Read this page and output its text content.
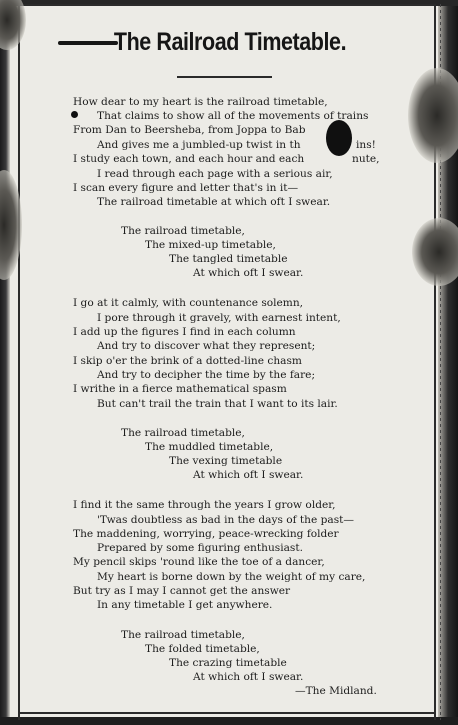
The Railroad Timetable.
How dear to my heart is the railroad timetable,
That claims to show all of the movements of trains
From Dan to Beersheba, from Joppa to Bab
And gives me a jumbled-up twist in th	ins!
I study each town, and each hour and each	nute,
I read through each page with a serious air,
I scan every figure and letter that's in it—
The railroad timetable at which oft I swear.
The railroad timetable,
The mixed-up timetable,
The tangled timetable
At which oft I swear.
I go at it calmly, with countenance solemn,
I pore through it gravely, with earnest intent,
I add up the figures I find in each column
And try to discover what they represent;
I skip o'er the brink of a dotted-line chasm
And try to decipher the time by the fare;
I writhe in a fierce mathematical spasm
But can't trail the train that I want to its lair.
The railroad timetable,
The muddled timetable,
The vexing timetable
At which oft I swear.
I find it the same through the years I grow older,
'Twas doubtless as bad in the days of the past—
The maddening, worrying, peace-wrecking folder
Prepared by some figuring enthusiast.
My pencil skips 'round like the toe of a dancer,
My heart is borne down by the weight of my care,
But try as I may I cannot get the answer
In any timetable I get anywhere.
The railroad timetable,
The folded timetable,
The crazing timetable
At which oft I swear.
—The Midland.
